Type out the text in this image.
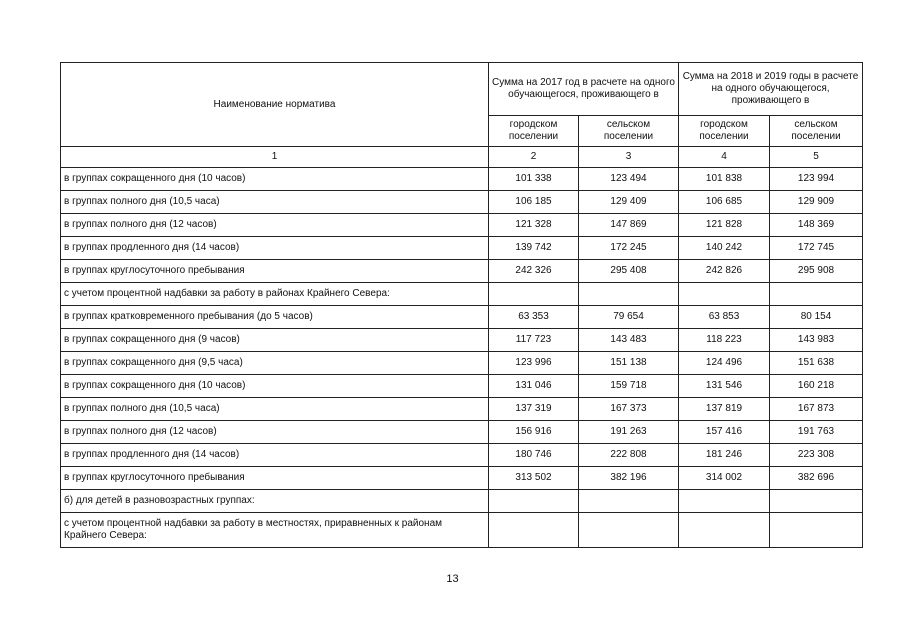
Наименование норматива	Сумма на 2017 год в расчете на одного обучающегося, проживающего в		Сумма на 2018 и 2019 годы в расчете на одного обучающегося, проживающего в	
	городском поселении	сельском поселении	городском поселении	сельском поселении
1	2	3	4	5
в группах сокращенного дня (10 часов)	101 338	123 494	101 838	123 994
в группах полного дня (10,5 часа)	106 185	129 409	106 685	129 909
в группах полного дня (12 часов)	121 328	147 869	121 828	148 369
в группах продленного дня (14 часов)	139 742	172 245	140 242	172 745
в группах круглосуточного пребывания	242 326	295 408	242 826	295 908
с учетом процентной надбавки за работу в районах Крайнего Севера:				
в группах кратковременного пребывания (до 5 часов)	63 353	79 654	63 853	80 154
в группах сокращенного дня (9 часов)	117 723	143 483	118 223	143 983
в группах сокращенного дня (9,5 часа)	123 996	151 138	124 496	151 638
в группах сокращенного дня (10 часов)	131 046	159 718	131 546	160 218
в группах полного дня (10,5 часа)	137 319	167 373	137 819	167 873
в группах полного дня (12 часов)	156 916	191 263	157 416	191 763
в группах продленного дня (14 часов)	180 746	222 808	181 246	223 308
в группах круглосуточного пребывания	313 502	382 196	314 002	382 696
б) для детей в разновозрастных группах:				
с учетом процентной надбавки за работу в местностях, приравненных к районам Крайнего Севера:				
13
